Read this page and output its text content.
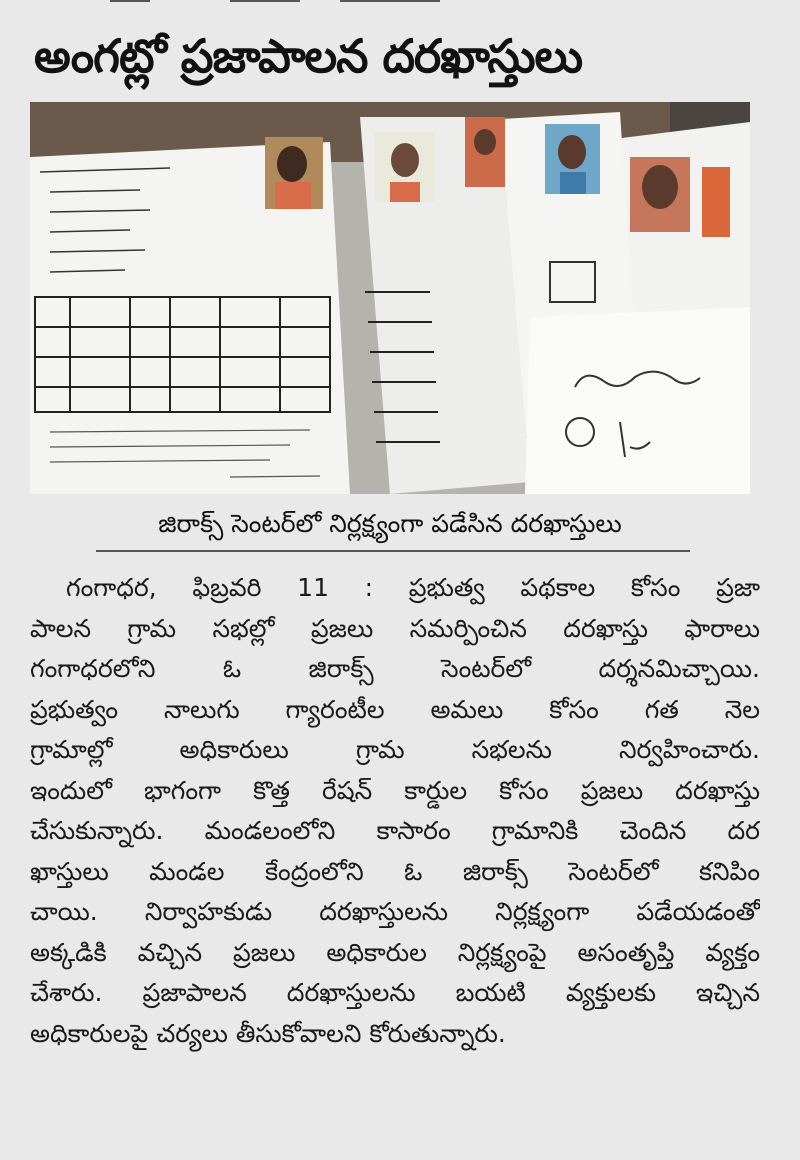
అంగట్లో ప్రజాపాలన దరఖాస్తులు
జిరాక్స్ సెంటర్‌లో నిర్లక్ష్యంగా పడేసిన దరఖాస్తులు
గంగాధర, ఫిబ్రవరి 11 : ప్రభుత్వ పథకాల కోసం ప్రజా
పాలన గ్రామ సభల్లో ప్రజలు సమర్పించిన దరఖాస్తు ఫారాలు
గంగాధరలోని ఓ జిరాక్స్ సెంటర్‌లో దర్శనమిచ్చాయి.
ప్రభుత్వం నాలుగు గ్యారంటీల అమలు కోసం గత నెల
గ్రామాల్లో అధికారులు గ్రామ సభలను నిర్వహించారు.
ఇందులో భాగంగా కొత్త రేషన్ కార్డుల కోసం ప్రజలు దరఖాస్తు
చేసుకున్నారు. మండలంలోని కాసారం గ్రామానికి చెందిన దర
ఖాస్తులు మండల కేంద్రంలోని ఓ జిరాక్స్ సెంటర్‌లో కనిపిం
చాయి. నిర్వాహకుడు దరఖాస్తులను నిర్లక్ష్యంగా పడేయడంతో
అక్కడికి వచ్చిన ప్రజలు అధికారుల నిర్లక్ష్యంపై అసంతృప్తి వ్యక్తం
చేశారు. ప్రజాపాలన దరఖాస్తులను బయటి వ్యక్తులకు ఇచ్చిన
అధికారులపై చర్యలు తీసుకోవాలని కోరుతున్నారు.
